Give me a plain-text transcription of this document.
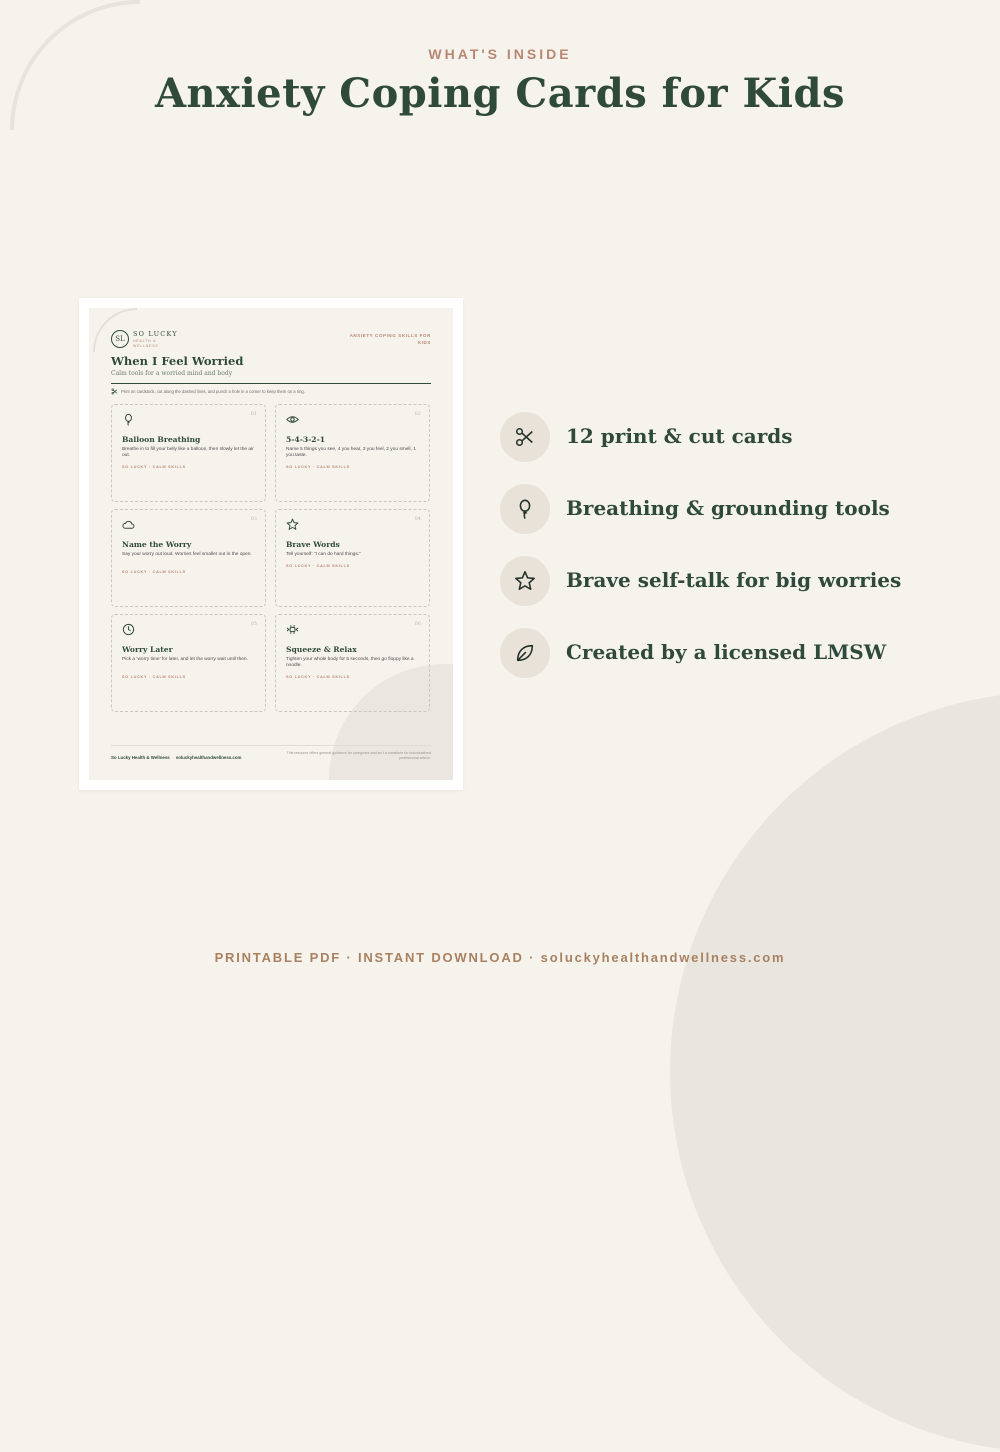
WHAT'S INSIDE
Anxiety Coping Cards for Kids
SL
SO LUCKY
HEALTH & WELLNESS
ANXIETY COPING SKILLS FOR KIDS
When I Feel Worried
Calm tools for a worried mind and body
Print on cardstock, cut along the dashed lines, and punch a hole in a corner to keep them on a ring.
01
Balloon Breathing
Breathe in to fill your belly like a balloon, then slowly let the air out.
SO LUCKY · CALM SKILLS
02
5-4-3-2-1
Name 5 things you see, 4 you hear, 3 you feel, 2 you smell, 1 you taste.
SO LUCKY · CALM SKILLS
03
Name the Worry
Say your worry out loud. Worries feel smaller out in the open.
SO LUCKY · CALM SKILLS
04
Brave Words
Tell yourself: “I can do hard things.”
SO LUCKY · CALM SKILLS
05
Worry Later
Pick a ‘worry time’ for later, and let the worry wait until then.
SO LUCKY · CALM SKILLS
06
Squeeze & Relax
Tighten your whole body for 5 seconds, then go floppy like a noodle.
SO LUCKY · CALM SKILLS
So Lucky Health & Wellness     soluckyhealthandwellness.com
This resource offers general guidance for caregivers and isn't a substitute for individualized professional advice.
12 print & cut cards
Breathing & grounding tools
Brave self-talk for big worries
Created by a licensed LMSW
PRINTABLE PDF · INSTANT DOWNLOAD · soluckyhealthandwellness.com
